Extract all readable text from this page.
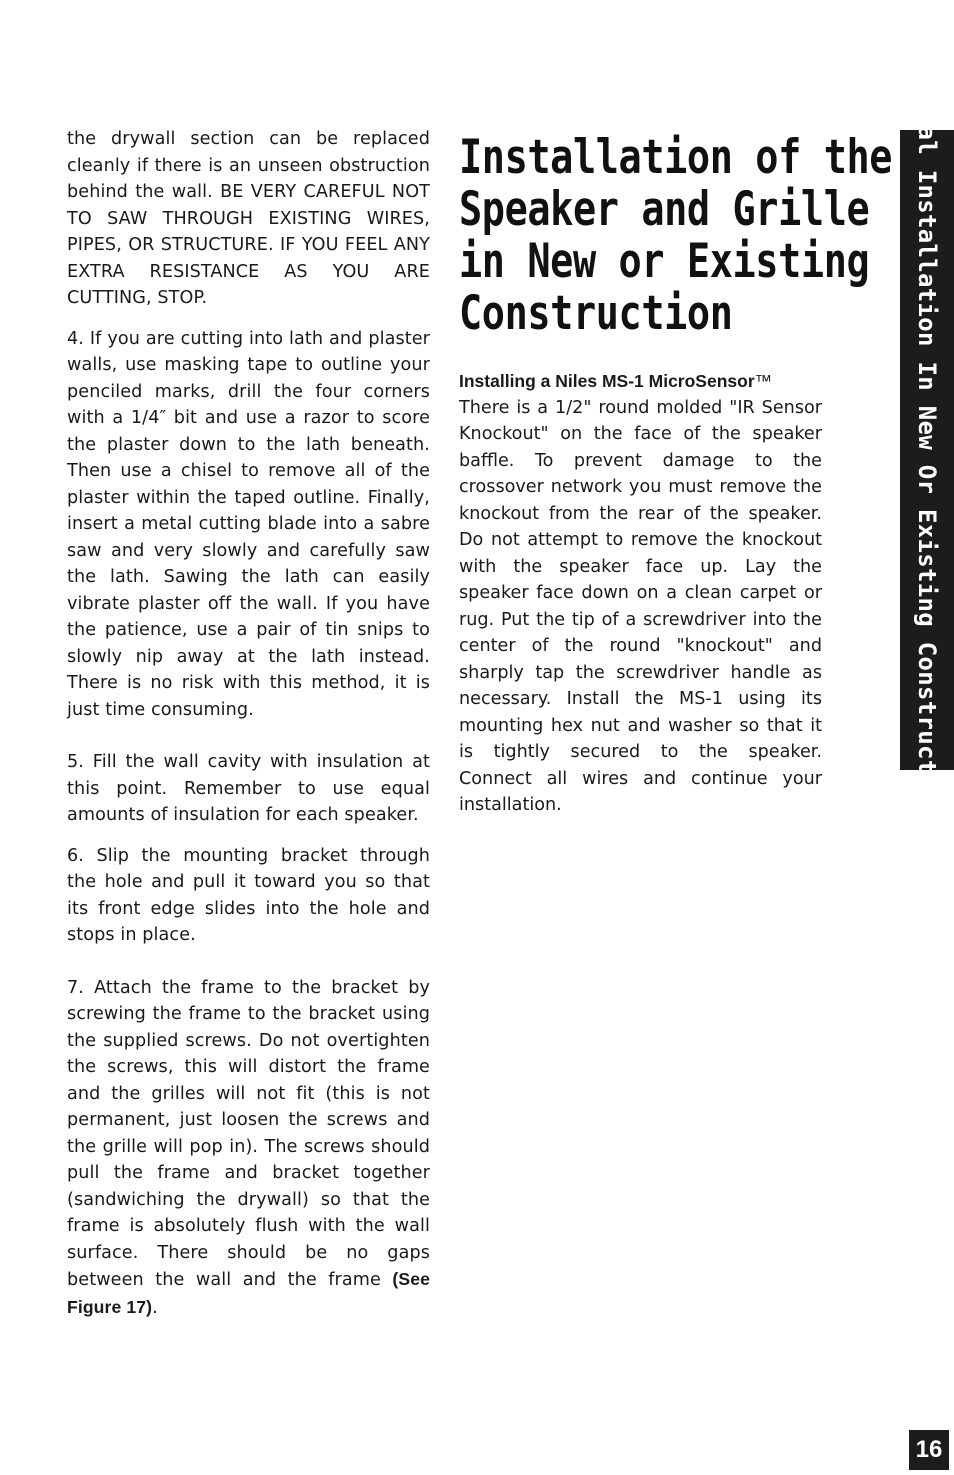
the drywall section can be replaced cleanly if there is an unseen obstruction behind the wall. BE VERY CAREFUL NOT TO SAW THROUGH EXISTING WIRES, PIPES, OR STRUCTURE. IF YOU FEEL ANY EXTRA RESISTANCE AS YOU ARE CUTTING, STOP.

4. If you are cutting into lath and plaster walls, use masking tape to outline your penciled marks, drill the four corners with a 1/4″ bit and use a razor to score the plaster down to the lath beneath. Then use a chisel to remove all of the plaster within the taped outline. Finally, insert a metal cutting blade into a sabre saw and very slowly and carefully saw the lath. Sawing the lath can easily vibrate plaster off the wall. If you have the patience, use a pair of tin snips to slowly nip away at the lath instead. There is no risk with this method, it is just time consuming.

5. Fill the wall cavity with insulation at this point. Remember to use equal amounts of insulation for each speaker.

6. Slip the mounting bracket through the hole and pull it toward you so that its front edge slides into the hole and stops in place.

7. Attach the frame to the bracket by screwing the frame to the bracket using the supplied screws. Do not overtighten the screws, this will distort the frame and the grilles will not fit (this is not permanent, just loosen the screws and the grille will pop in). The screws should pull the frame and bracket together (sandwiching the drywall) so that the frame is absolutely flush with the wall surface. There should be no gaps between the wall and the frame (See Figure 17).

Installation of the
Speaker and Grille
in New or Existing
Construction
Installing a Niles MS-1 MicroSensor™

There is a 1/2" round molded "IR Sensor Knockout" on the face of the speaker baffle. To prevent damage to the crossover network you must remove the knockout from the rear of the speaker. Do not attempt to remove the knockout with the speaker face up. Lay the speaker face down on a clean carpet or rug. Put the tip of a screwdriver into the center of the round "knockout" and sharply tap the screwdriver handle as necessary. Install the MS-1 using its mounting hex nut and washer so that it is tightly secured to the speaker. Connect all wires and continue your installation.	Final Installation In New Or Existing Construction
16
